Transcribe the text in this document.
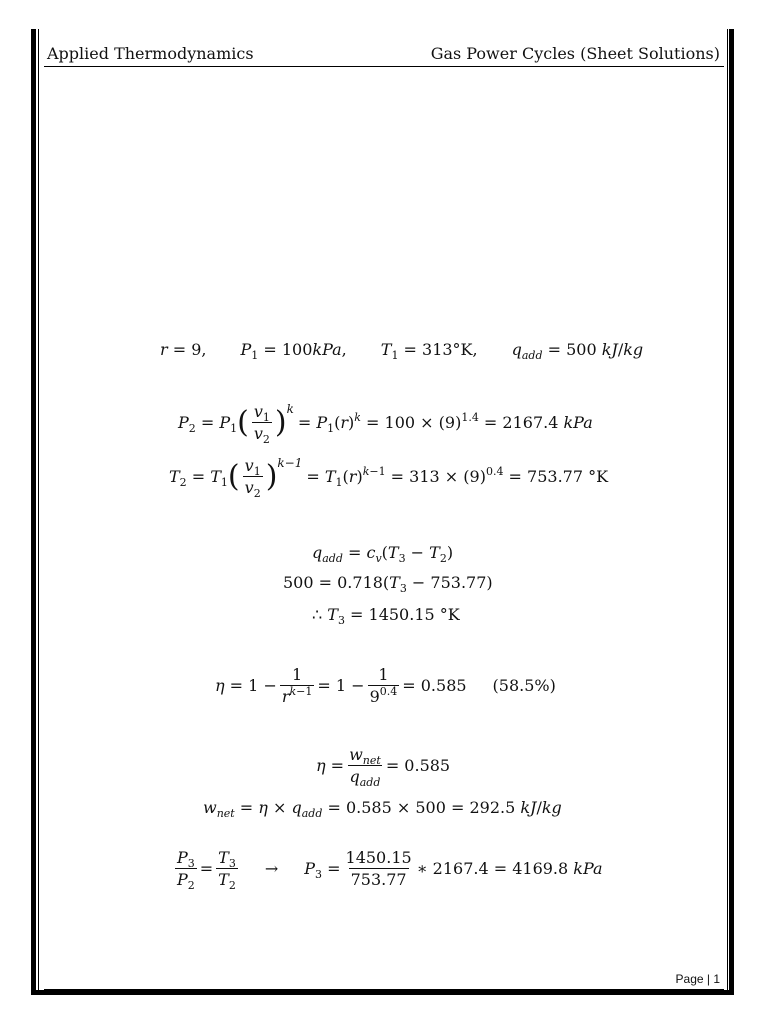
Applied Thermodynamics	Gas Power Cycles (Sheet Solutions)
r = 9, $P_1 = 100kPa$, $T_1 = 313^\circ K$, $q_{add} = 500$ kJ/kg
$P_2 = P_1$ ( $\frac{v_1}{v_2}$ ) k
= $P_1(r)^k = 100 \times (9)^{1.4} = 2167.4$ kPa
$T_2 = T_1$ ( $\frac{v_1}{v_2}$ ) k−1
= $T_1(r)^{k-1} = 313 \times (9)^{0.4} = 753.77$ °K
$q_{add} = c_v(T_3 - T_2)$
$500 = 0.718(T_3 - 753.77)$
∴ $T_3 = 1450.15$ °K
$\eta = 1 - \frac{1}{r^{k-1}} = 1 - \frac{1}{9^{0.4}} = 0.585$ (58.5%)
$\eta = \frac{w_{net}}{q_{add}} = 0.585$
$w_{net} = \eta \times q_{add} = 0.585 \times 500 = 292.5$ kJ/kg
$\frac{P_3}{P_2} = \frac{T_3}{T_2} \to P_3 = \frac{1450.15}{753.77}$ ∗ 2167.4 = 4169.8 kPa
Page | 1
